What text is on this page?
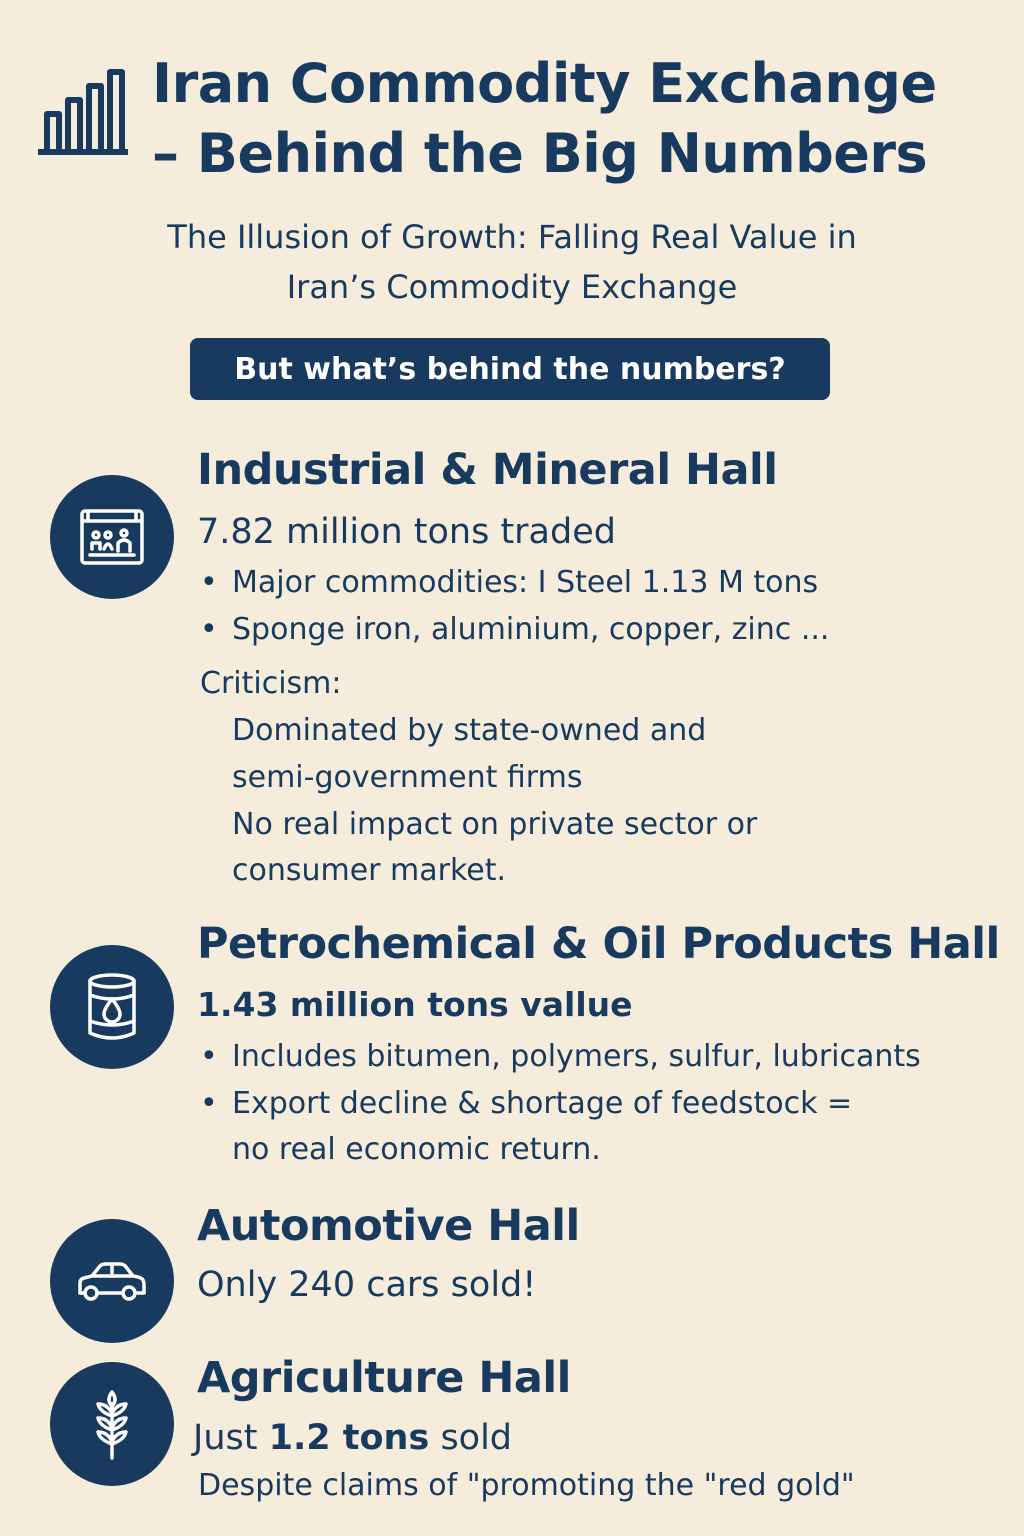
Iran Commodity Exchange
– Behind the Big Numbers
The Illusion of Growth: Falling Real Value in
Iran’s Commodity Exchange
But what’s behind the numbers?
Industrial & Mineral Hall
7.82 million tons traded
• Major commodities: I Steel 1.13 M tons
• Sponge iron, aluminium, copper, zinc ...
Criticism:
Dominated by state-owned and
semi-government firms
No real impact on private sector or
consumer market.
Petrochemical & Oil Products Hall
1.43 million tons vallue
• Includes bitumen, polymers, sulfur, lubricants
• Export decline & shortage of feedstock =
no real economic return.
Automotive Hall
Only 240 cars sold!
Agriculture Hall
Just 1.2 tons sold
Despite claims of "promoting the "red gold"
